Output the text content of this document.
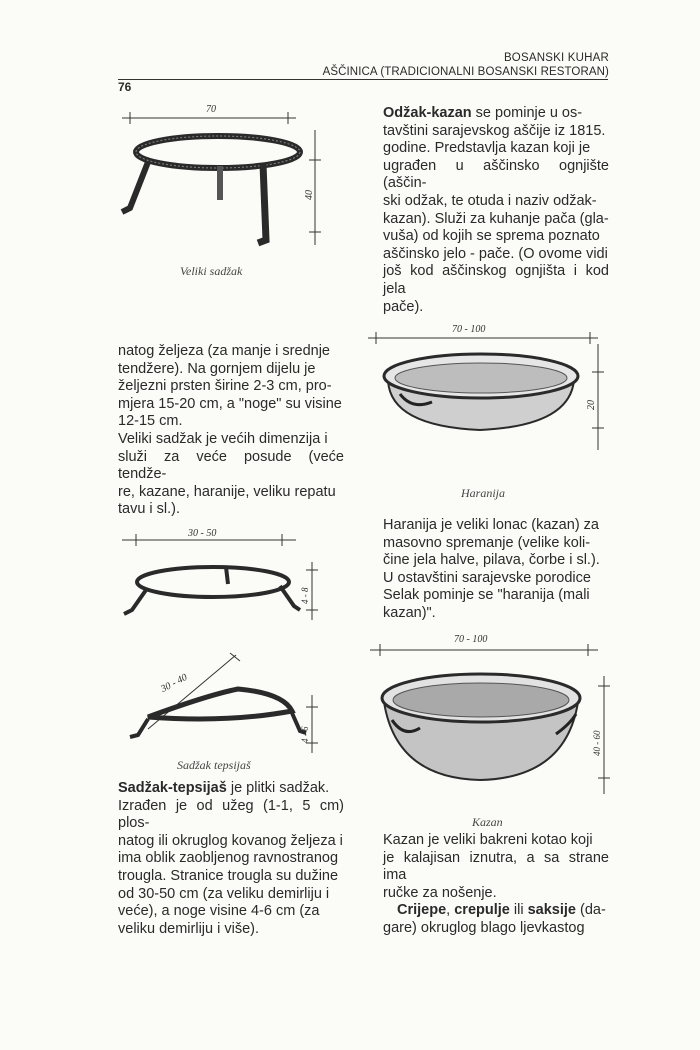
BOSANSKI KUHAR
AŠČINICA (TRADICIONALNI BOSANSKI RESTORAN)
76
70
40
Veliki sadžak

Odžak-kazan se pominje u os-

tavštini sarajevskog aščije iz 1815.

godine. Predstavlja kazan koji je

ugrađen u aščinsko ognjište (aščin-

ski odžak, te otuda i naziv odžak-

kazan). Služi za kuhanje pača (gla-

vuša) od kojih se sprema poznato

aščinsko jelo - pače. (O ovome vidi

još kod aščinskog ognjišta i kod jela

pače).

70 - 100
20
Haranija

natog željeza (za manje i srednje

tendžere). Na gornjem dijelu je

željezni prsten širine 2-3 cm, pro-

mjera 15-20 cm, a "noge" su visine

12-15 cm.

Veliki sadžak je većih dimenzija i

služi za veće posude (veće tendže-

re, kazane, haranije, veliku repatu

tavu i sl.).

30 - 50
4 - 8
30 - 40
4 - 6
Sadžak tepsijaš

Haranija je veliki lonac (kazan) za

masovno spremanje (velike koli-

čine jela halve, pilava, čorbe i sl.).

U ostavštini sarajevske porodice

Selak pominje se "haranija (mali

kazan)".

70 - 100
40 - 60
Kazan

Sadžak-tepsijaš je plitki sadžak.

Izrađen je od užeg (1-1, 5 cm) plos-

natog ili okruglog kovanog željeza i

ima oblik zaobljenog ravnostranog

trougla. Stranice trougla su dužine

od 30-50 cm (za veliku demirliju i

veće), a noge visine 4-6 cm (za

veliku demirliju i više).

Kazan je veliki bakreni kotao koji

je kalajisan iznutra, a sa strane ima

ručke za nošenje.

Crijepe, crepulje ili saksije (da-

gare) okruglog blago ljevkastog
